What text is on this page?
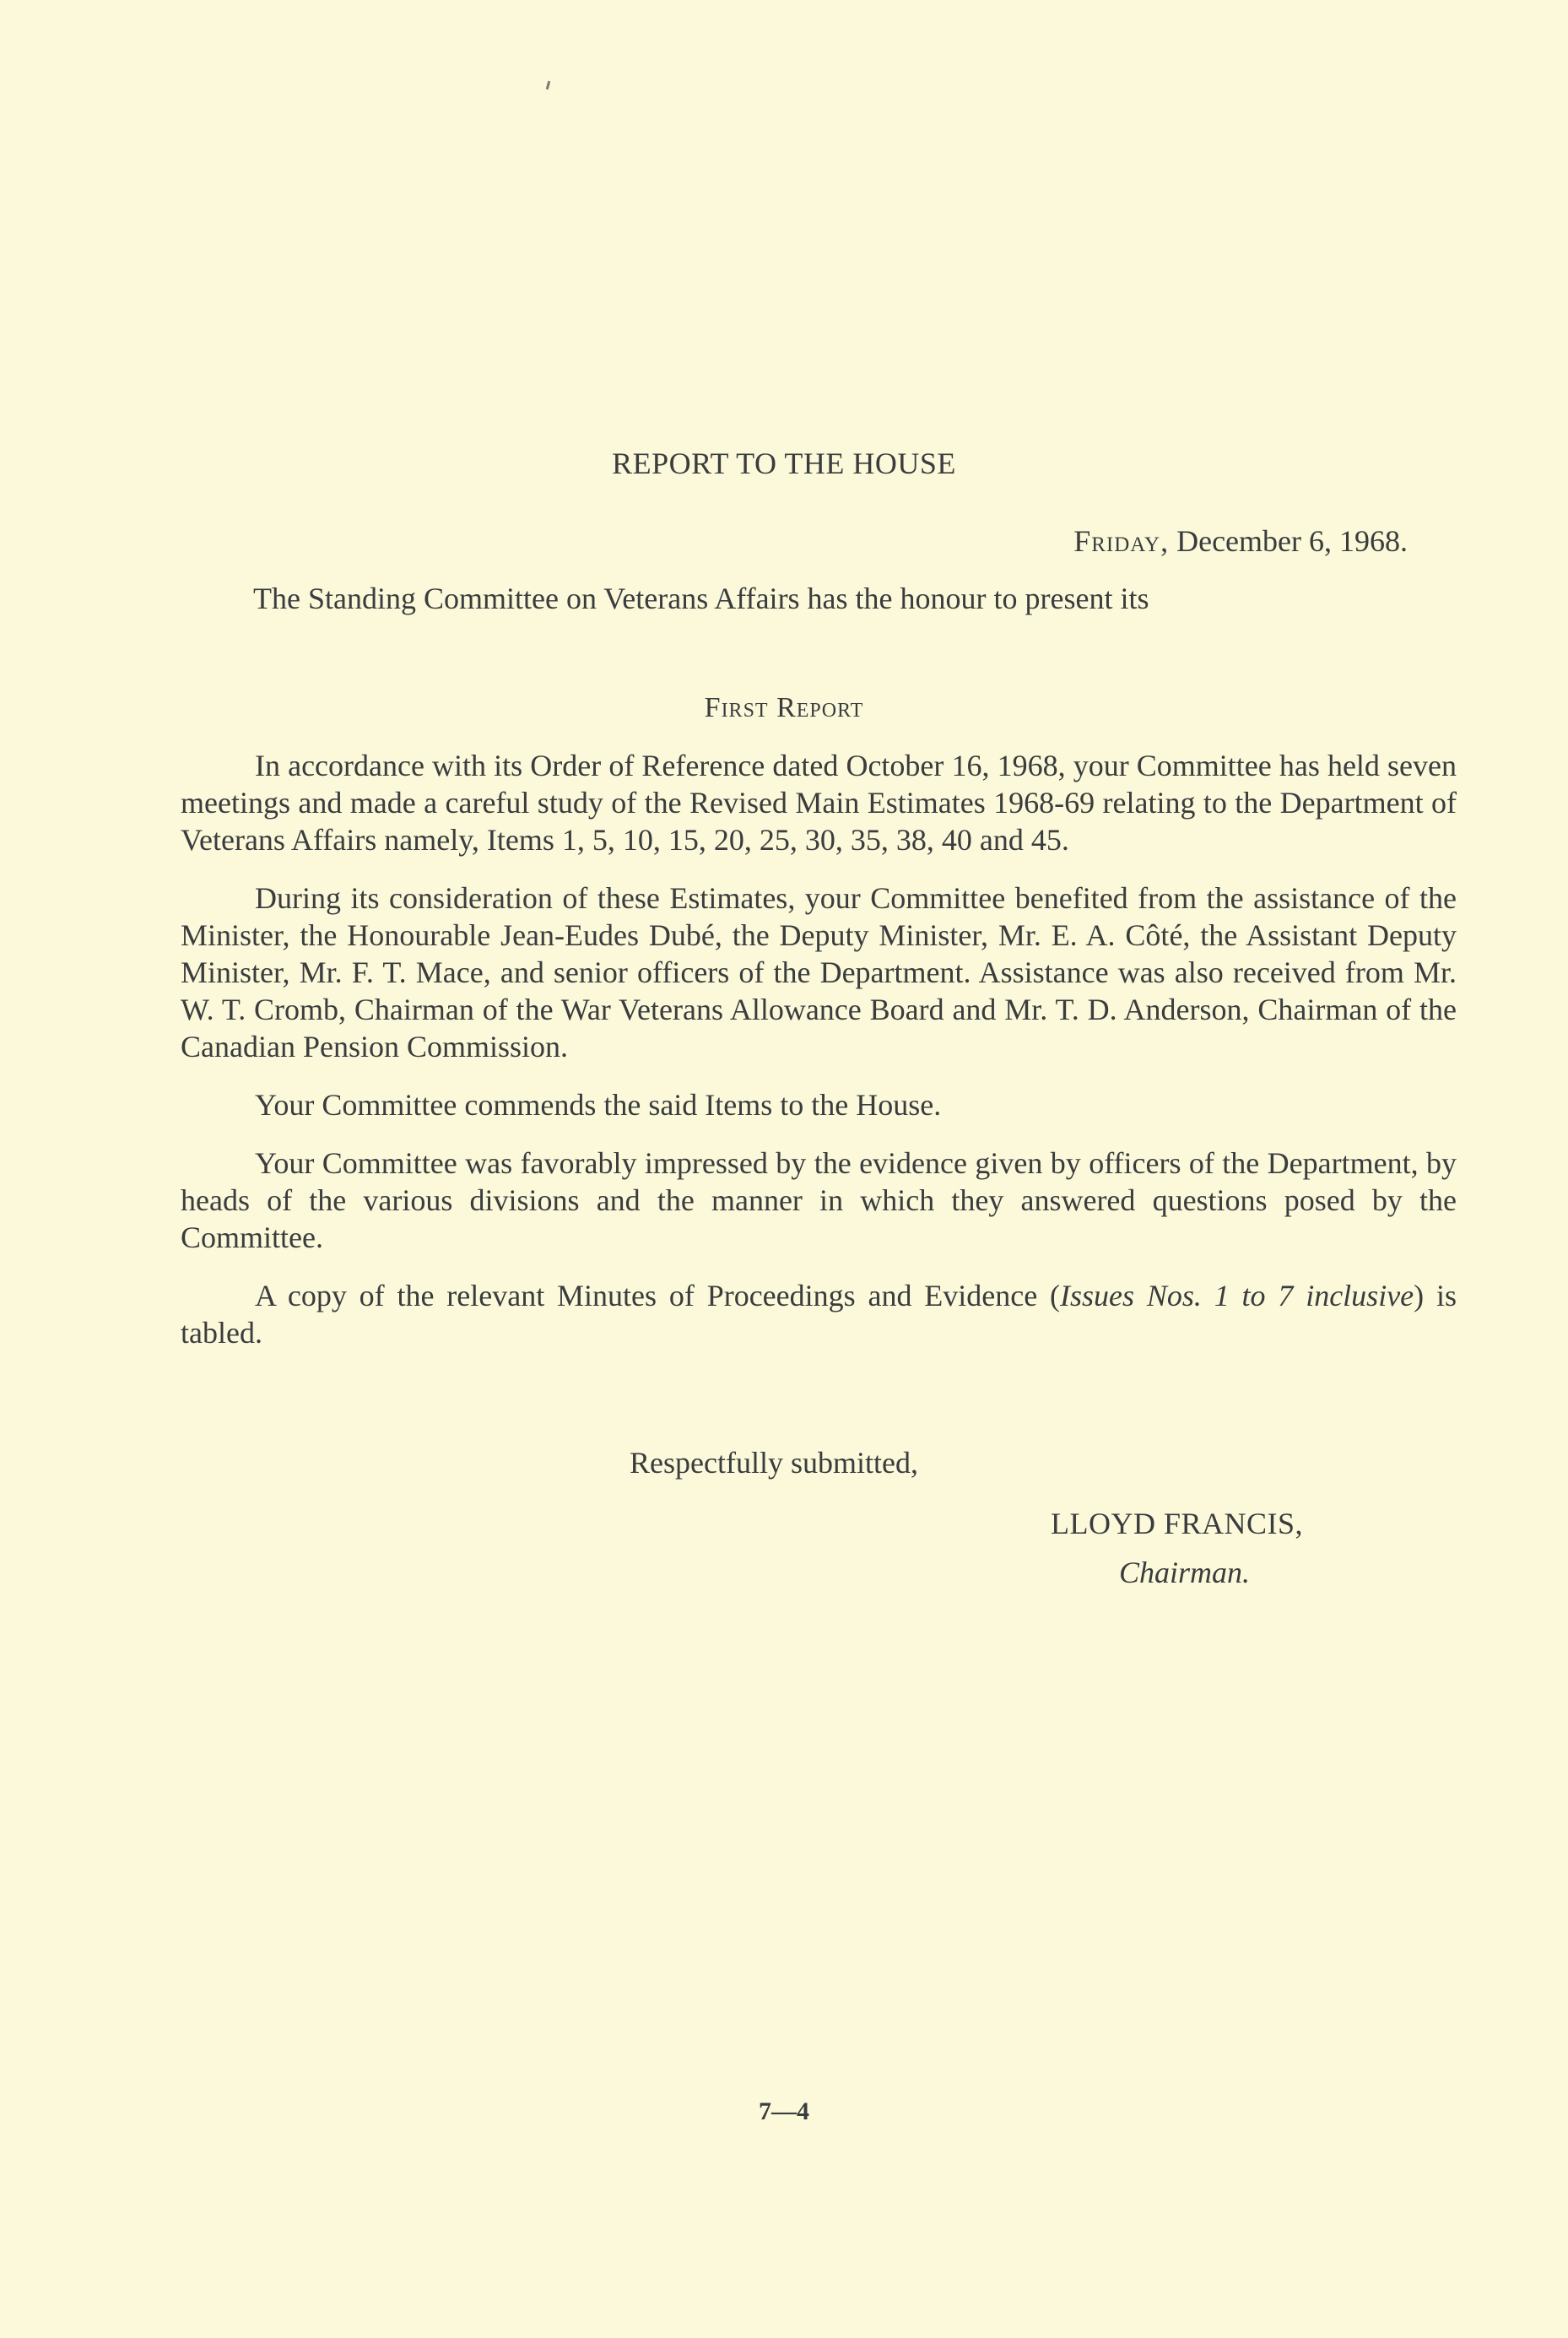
REPORT TO THE HOUSE
Friday, December 6, 1968.
The Standing Committee on Veterans Affairs has the honour to present its
First Report

In accordance with its Order of Reference dated October 16, 1968, your Committee has held seven meetings and made a careful study of the Revised Main Estimates 1968-69 relating to the Department of Veterans Affairs namely, Items 1, 5, 10, 15, 20, 25, 30, 35, 38, 40 and 45.

During its consideration of these Estimates, your Committee benefited from the assistance of the Minister, the Honourable Jean-Eudes Dubé, the Deputy Minister, Mr. E. A. Côté, the Assistant Deputy Minister, Mr. F. T. Mace, and senior officers of the Department. Assistance was also received from Mr. W. T. Cromb, Chairman of the War Veterans Allowance Board and Mr. T. D. Anderson, Chairman of the Canadian Pension Commission.

Your Committee commends the said Items to the House.

Your Committee was favorably impressed by the evidence given by officers of the Department, by heads of the various divisions and the manner in which they answered questions posed by the Committee.

A copy of the relevant Minutes of Proceedings and Evidence (Issues Nos. 1 to 7 inclusive) is tabled.

Respectfully submitted,
LLOYD FRANCIS,
Chairman.
7—4
